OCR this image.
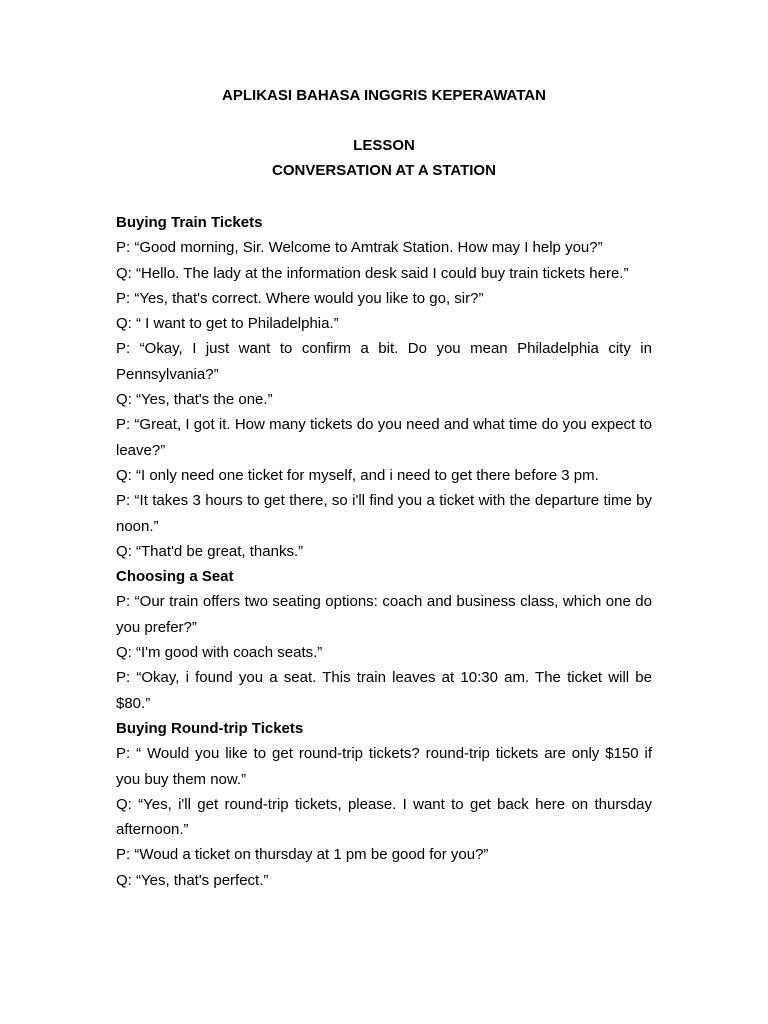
APLIKASI BAHASA INGGRIS KEPERAWATAN

LESSON

CONVERSATION AT A STATION

Buying Train Tickets

P: “Good morning, Sir. Welcome to Amtrak Station. How may I help you?”

Q: “Hello. The lady at the information desk said I could buy train tickets here.”

P: “Yes, that's correct. Where would you like to go, sir?”

Q: “ I want to get to Philadelphia.”

P: “Okay, I just want to confirm a bit. Do you mean Philadelphia city in Pennsylvania?”

Q: “Yes, that's the one.”

P: “Great, I got it. How many tickets do you need and what time do you expect to leave?”

Q: “I only need one ticket for myself, and i need to get there before 3 pm.

P: “It takes 3 hours to get there, so i'll find you a ticket with the departure time by noon.”

Q: “That'd be great, thanks.”

Choosing a Seat

P: “Our train offers two seating options: coach and business class, which one do you prefer?”

Q: “I'm good with coach seats.”

P: “Okay, i found you a seat. This train leaves at 10:30 am. The ticket will be $80.”

Buying Round-trip Tickets

P: “ Would you like to get round-trip tickets? round-trip tickets are only $150 if you buy them now.”

Q: “Yes, i'll get round-trip tickets, please. I want to get back here on thursday afternoon.”

P: “Woud a ticket on thursday at 1 pm be good for you?”

Q: “Yes, that's perfect.”
